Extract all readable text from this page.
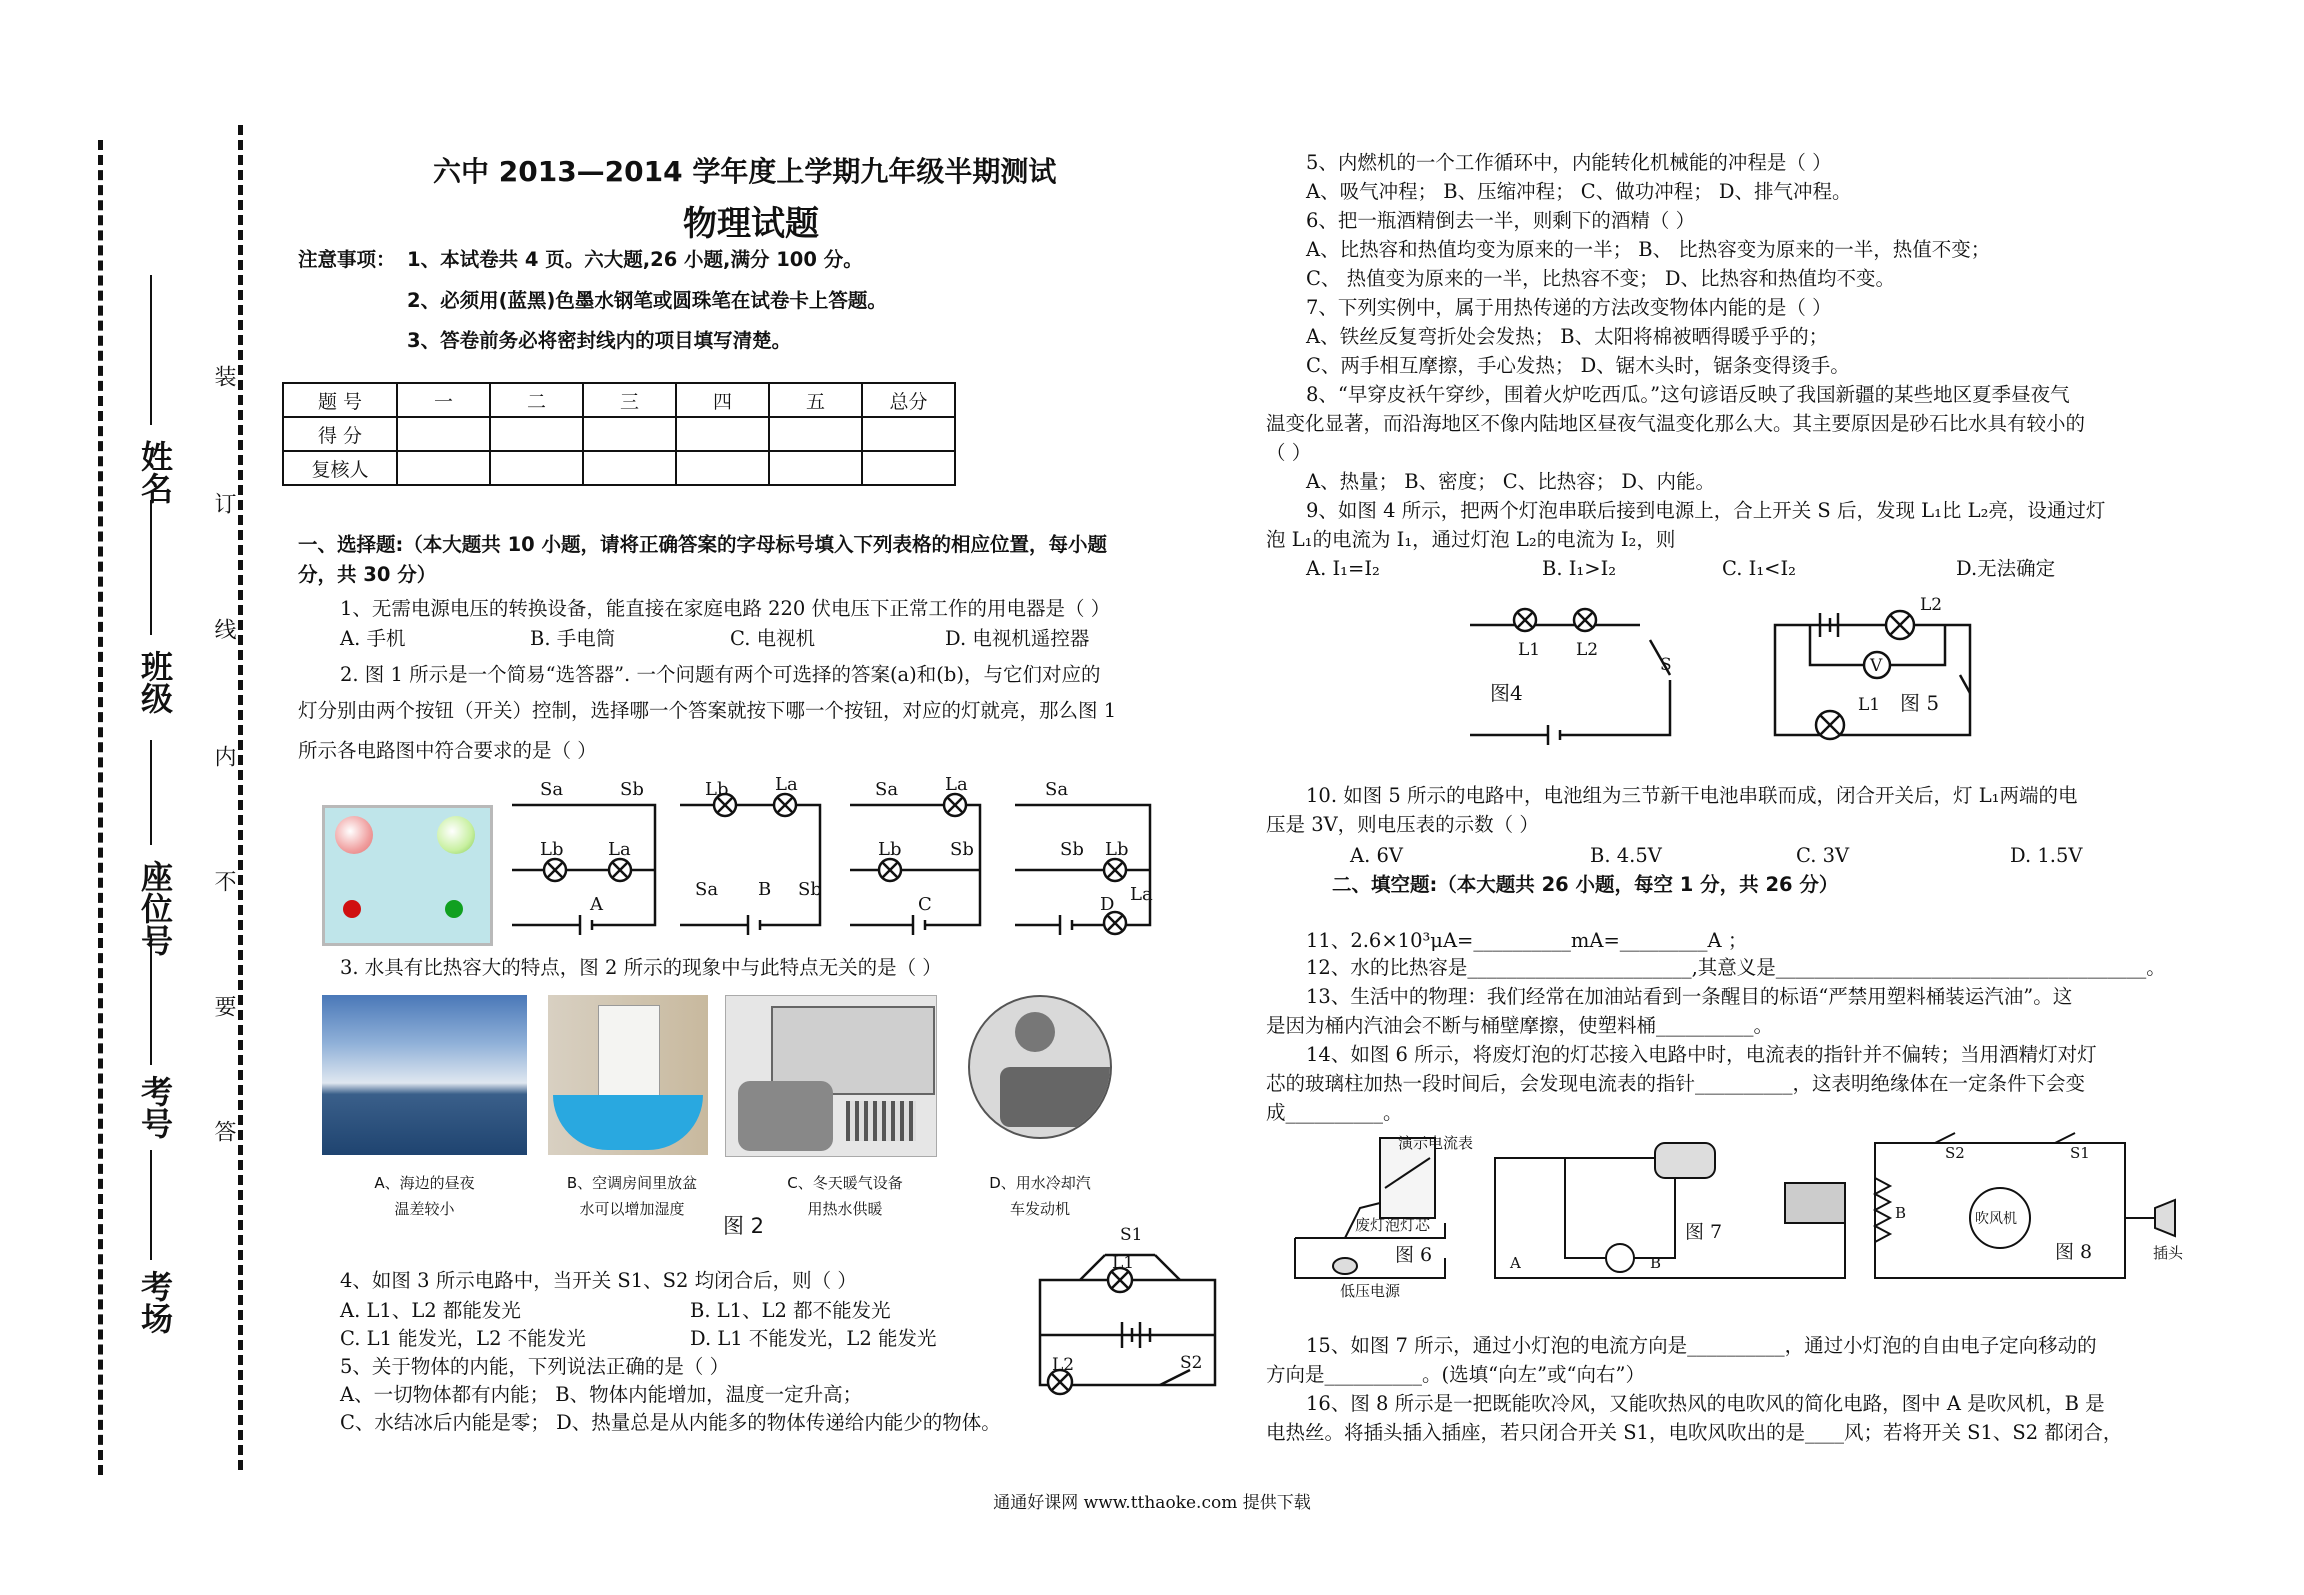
姓名
班级
座位号
考号
考场
装
订
线
内
不
要
答
六中 2013—2014 学年度上学期九年级半期测试
物理试题
注意事项： 1、本试卷共 4 页。六大题,26 小题,满分 100 分。
2、必须用(蓝黑)色墨水钢笔或圆珠笔在试卷卡上答题。
3、答卷前务必将密封线内的项目填写清楚。
题 号	一	二	三	四	五	总分
得 分						
复核人						
一、选择题:（本大题共 10 小题，请将正确答案的字母标号填入下列表格的相应位置，每小题
分，共 30 分）
1、无需电源电压的转换设备，能直接在家庭电路 220 伏电压下正常工作的用电器是（ ）
A. 手机	B. 手电筒	C. 电视机	D. 电视机遥控器
2. 图 1 所示是一个简易“选答器”. 一个问题有两个可选择的答案(a)和(b)，与它们对应的
灯分别由两个按钮（开关）控制，选择哪一个答案就按下哪一个按钮，对应的灯就亮，那么图 1
所示各电路图中符合要求的是（ ）
Sa	Sb
Lb La
A
Lb	La
Sa	Sb
B
Sa	La
Lb	Sb
C
Sa
Sb Lb
D La
3. 水具有比热容大的特点，图 2 所示的现象中与此特点无关的是（ ）
A、海边的昼夜
温差较小
B、空调房间里放盆
水可以增加湿度
C、冬天暖气设备
用热水供暖
D、用水冷却汽
车发动机
图 2	S1
L1
L2	S2
4、如图 3 所示电路中，当开关 S1、S2 均闭合后，则（ ）
A. L1、L2 都能发光	B. L1、L2 都不能发光
C. L1 能发光，L2 不能发光	D. L1 不能发光，L2 能发光
5、关于物体的内能，下列说法正确的是（ ）
A、一切物体都有内能； B、物体内能增加，温度一定升高；
C、水结冰后内能是零； D、热量总是从内能多的物体传递给内能少的物体。
5、内燃机的一个工作循环中，内能转化机械能的冲程是（ ）
A、吸气冲程； B、压缩冲程； C、做功冲程； D、排气冲程。
6、把一瓶酒精倒去一半，则剩下的酒精（ ）
A、比热容和热值均变为原来的一半； B、 比热容变为原来的一半，热值不变；
C、 热值变为原来的一半，比热容不变； D、比热容和热值均不变。
7、下列实例中，属于用热传递的方法改变物体内能的是（ ）
A、铁丝反复弯折处会发热； B、太阳将棉被晒得暖乎乎的；
C、两手相互摩擦，手心发热； D、锯木头时，锯条变得烫手。
8、“早穿皮袄午穿纱，围着火炉吃西瓜。”这句谚语反映了我国新疆的某些地区夏季昼夜气
温变化显著，而沿海地区不像内陆地区昼夜气温变化那么大。其主要原因是砂石比水具有较小的
（ ）
A、热量； B、密度； C、比热容； D、内能。
9、如图 4 所示，把两个灯泡串联后接到电源上，合上开关 S 后，发现 L₁比 L₂亮，设通过灯
泡 L₁的电流为 I₁，通过灯泡 L₂的电流为 I₂，则
A. I₁=I₂	B. I₁>I₂	C. I₁<I₂	D.无法确定
L1 L2
S
图4
L2
V
L1 图 5
10. 如图 5 所示的电路中，电池组为三节新干电池串联而成，闭合开关后，灯 L₁两端的电
压是 3V，则电压表的示数（ ）
A. 6V	B. 4.5V	C. 3V	D. 1.5V
二、填空题:（本大题共 26 小题，每空 1 分，共 26 分）
11、2.6×10³μA=__________mA=_________A ；
12、水的比热容是_______________________,其意义是______________________________________。
13、生活中的物理：我们经常在加油站看到一条醒目的标语“严禁用塑料桶装运汽油”。这
是因为桶内汽油会不断与桶壁摩擦，使塑料桶__________。
14、如图 6 所示，将废灯泡的灯芯接入电路中时，电流表的指针并不偏转；当用酒精灯对灯
芯的玻璃柱加热一段时间后，会发现电流表的指针__________，这表明绝缘体在一定条件下会变
成__________。
演示电流表
废灯泡灯芯
图 6
低压电源
图 7
A	B
吹风机
图 8	插头
B
S2	S1
15、如图 7 所示，通过小灯泡的电流方向是__________，通过小灯泡的自由电子定向移动的
方向是__________。(选填“向左”或“向右”）
16、图 8 所示是一把既能吹冷风，又能吹热风的电吹风的简化电路，图中 A 是吹风机，B 是
电热丝。将插头插入插座，若只闭合开关 S1，电吹风吹出的是____风；若将开关 S1、S2 都闭合，
通通好课网 www.tthaoke.com 提供下载
